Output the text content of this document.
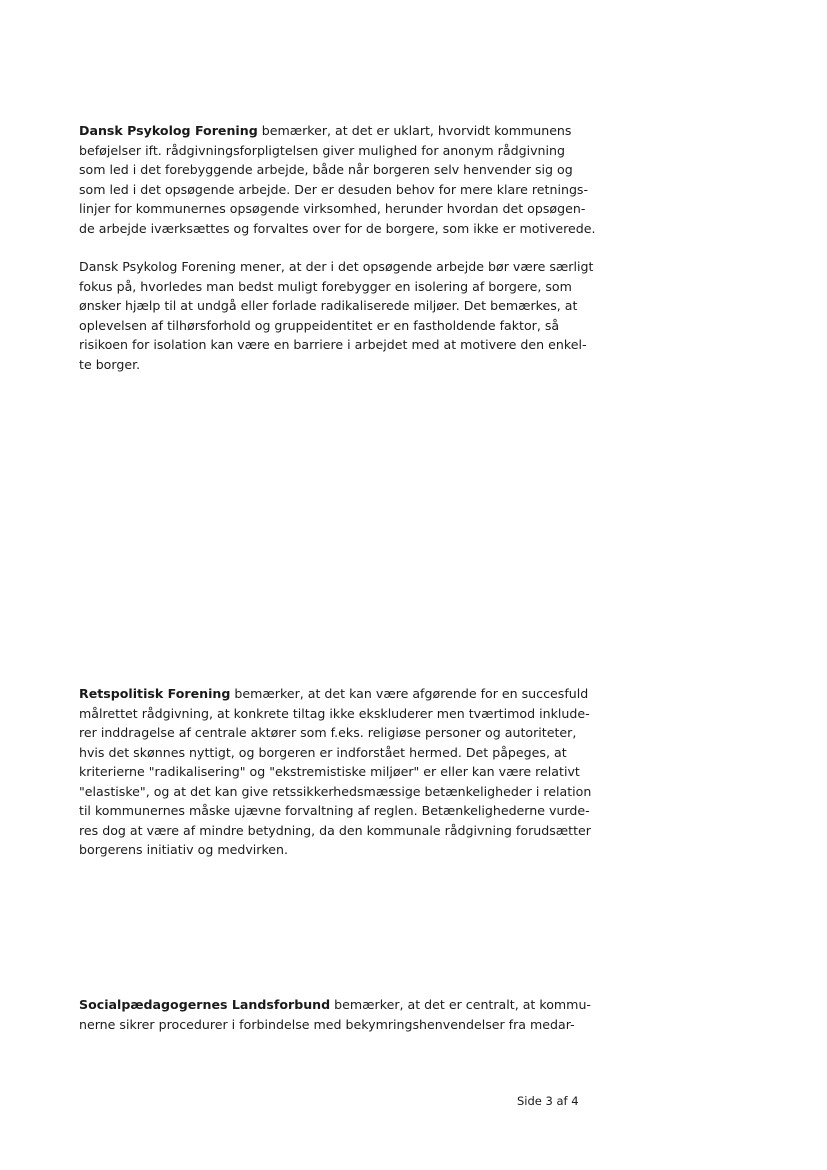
Dansk Psykolog Forening bemærker, at det er uklart, hvorvidt kommunens
beføjelser ift. rådgivningsforpligtelsen giver mulighed for anonym rådgivning
som led i det forebyggende arbejde, både når borgeren selv henvender sig og
som led i det opsøgende arbejde. Der er desuden behov for mere klare retnings-
linjer for kommunernes opsøgende virksomhed, herunder hvordan det opsøgen-
de arbejde iværksættes og forvaltes over for de borgere, som ikke er motiverede.

Dansk Psykolog Forening mener, at der i det opsøgende arbejde bør være særligt
fokus på, hvorledes man bedst muligt forebygger en isolering af borgere, som
ønsker hjælp til at undgå eller forlade radikaliserede miljøer. Det bemærkes, at
oplevelsen af tilhørsforhold og gruppeidentitet er en fastholdende faktor, så
risikoen for isolation kan være en barriere i arbejdet med at motivere den enkel-
te borger.

Retspolitisk Forening bemærker, at det kan være afgørende for en succesfuld
målrettet rådgivning, at konkrete tiltag ikke ekskluderer men tværtimod inklude-
rer inddragelse af centrale aktører som f.eks. religiøse personer og autoriteter,
hvis det skønnes nyttigt, og borgeren er indforstået hermed. Det påpeges, at
kriterierne "radikalisering" og "ekstremistiske miljøer" er eller kan være relativt
"elastiske", og at det kan give retssikkerhedsmæssige betænkeligheder i relation
til kommunernes måske ujævne forvaltning af reglen. Betænkelighederne vurde-
res dog at være af mindre betydning, da den kommunale rådgivning forudsætter
borgerens initiativ og medvirken.

Socialpædagogernes Landsforbund bemærker, at det er centralt, at kommu-
nerne sikrer procedurer i forbindelse med bekymringshenvendelser fra medar-

Side 3 af 4
